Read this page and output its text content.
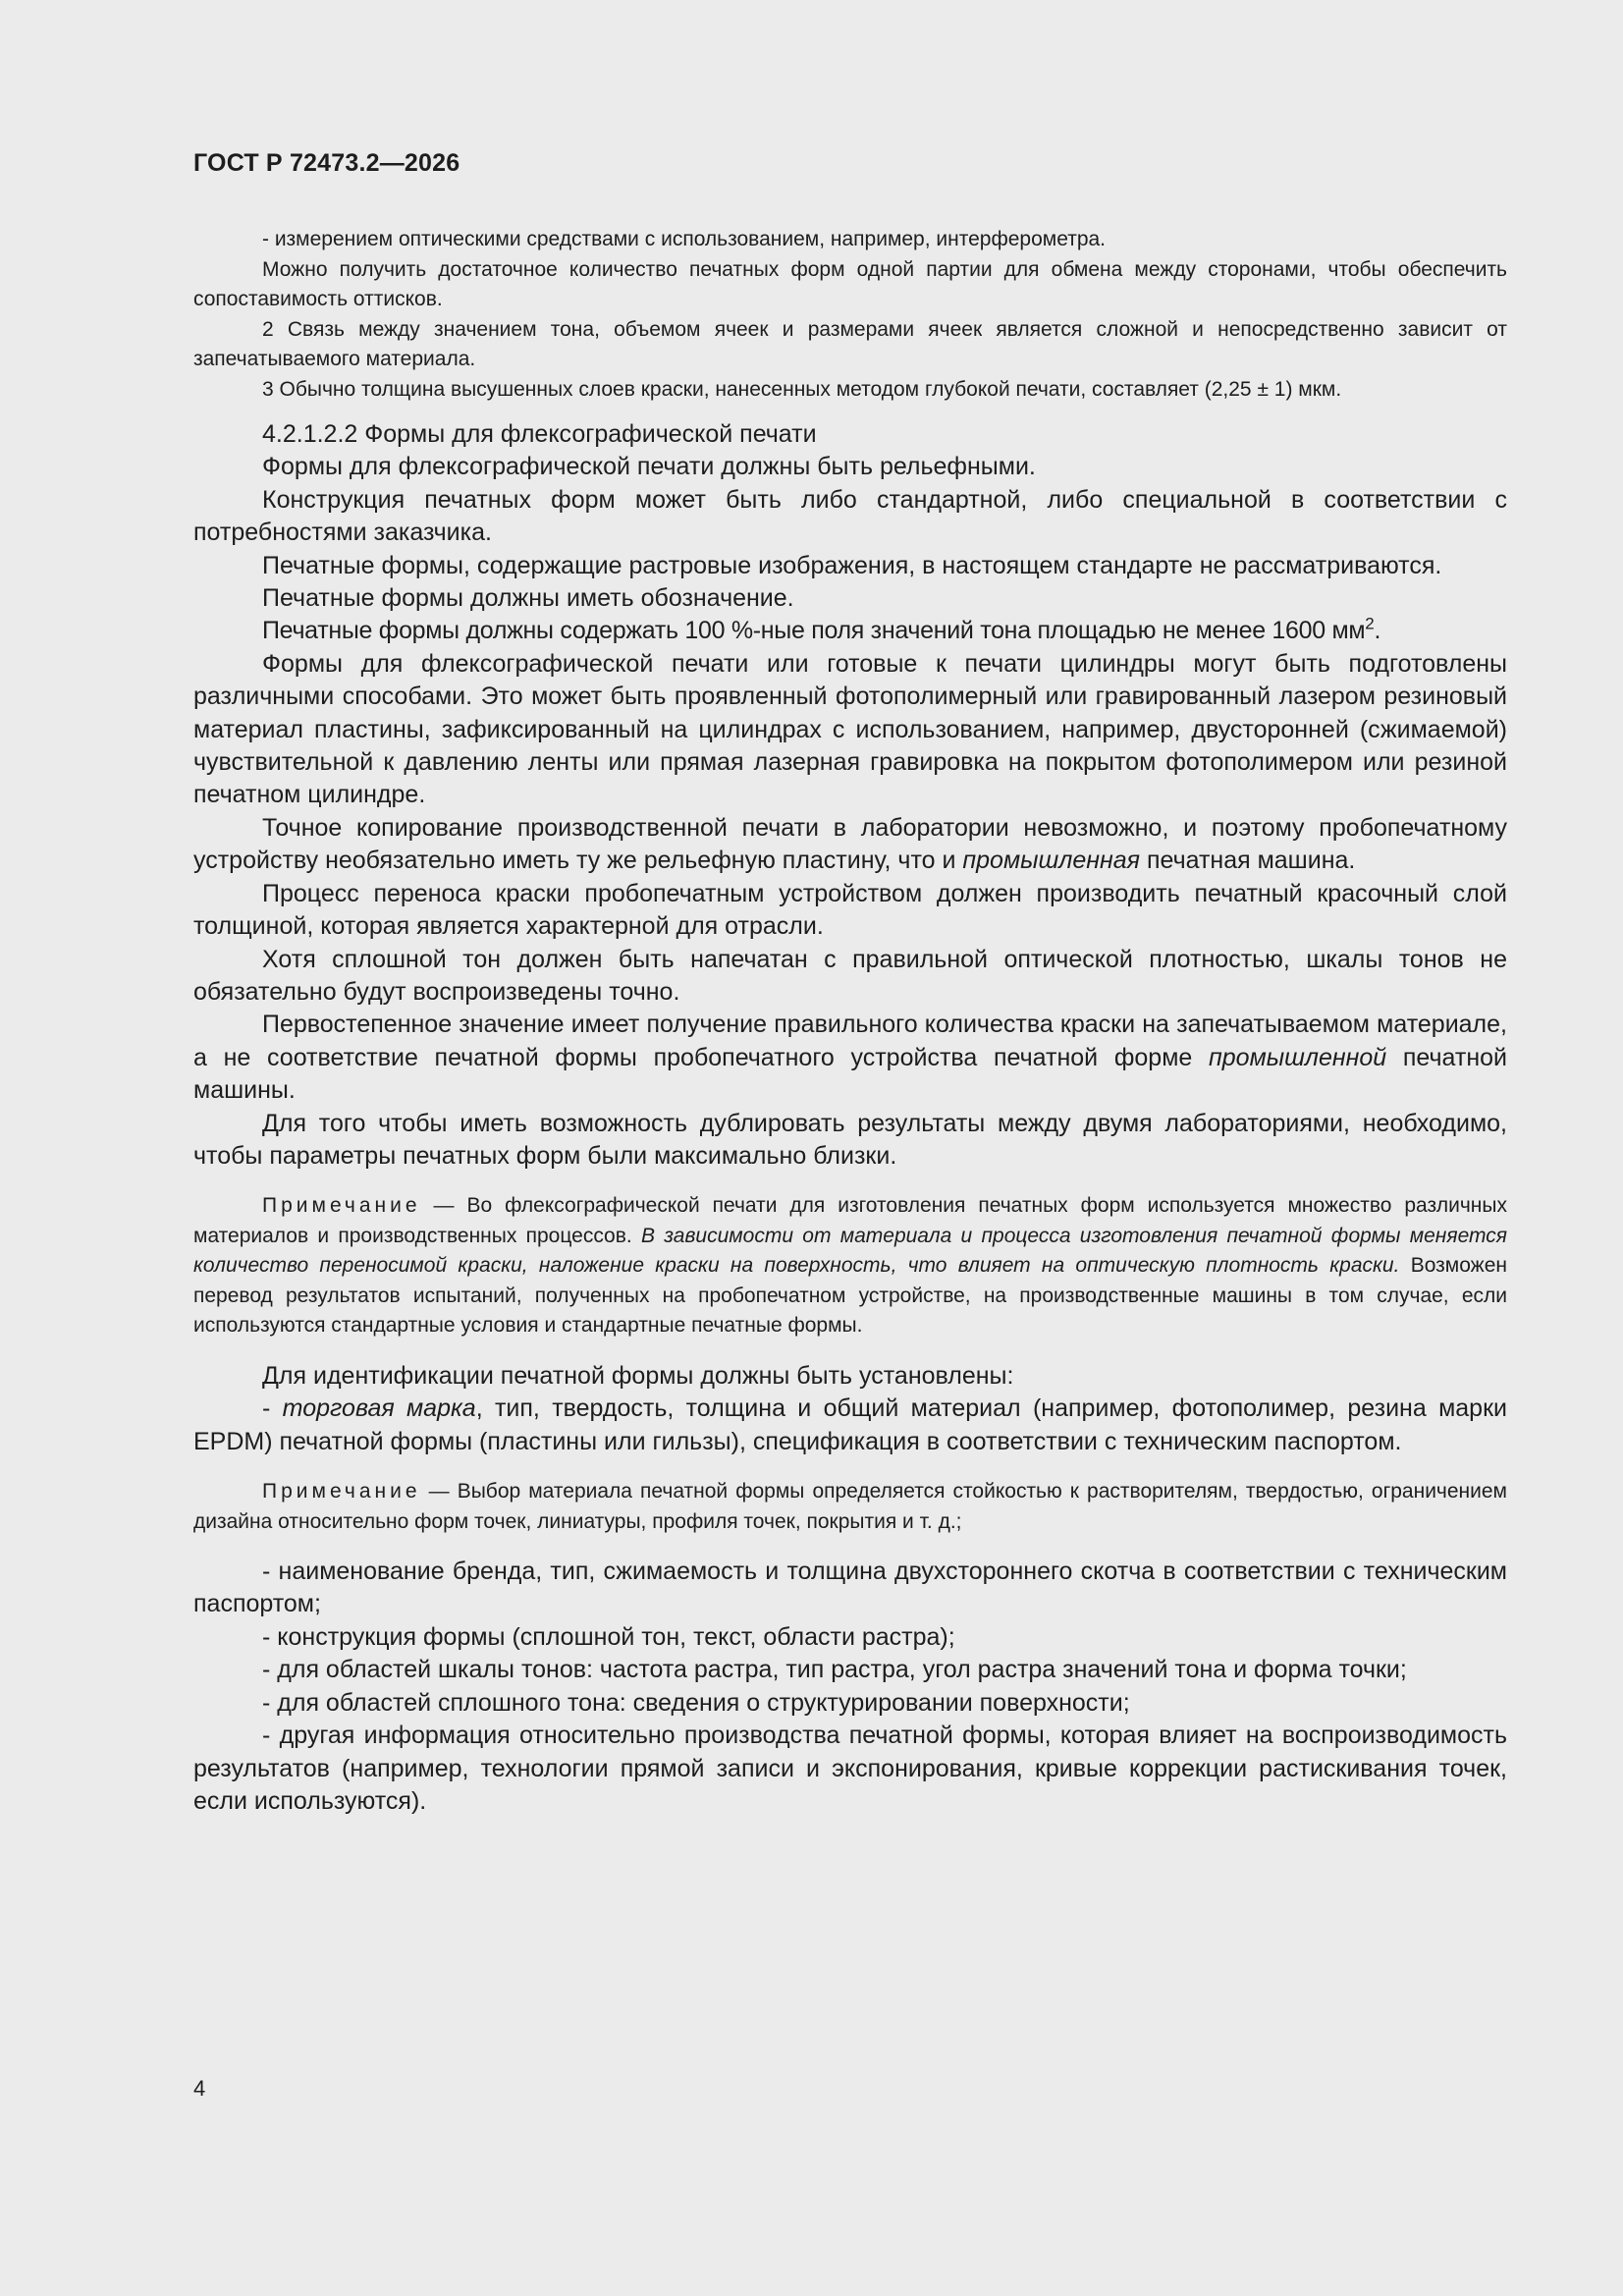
ГОСТ Р 72473.2—2026

- измерением оптическими средствами с использованием, например, интерферометра.

Можно получить достаточное количество печатных форм одной партии для обмена между сторонами, чтобы обеспечить сопоставимость оттисков.

2 Связь между значением тона, объемом ячеек и размерами ячеек является сложной и непосредственно зависит от запечатываемого материала.

3 Обычно толщина высушенных слоев краски, нанесенных методом глубокой печати, составляет (2,25 ± 1) мкм.

4.2.1.2.2 Формы для флексографической печати

Формы для флексографической печати должны быть рельефными.

Конструкция печатных форм может быть либо стандартной, либо специальной в соответствии с потребностями заказчика.

Печатные формы, содержащие растровые изображения, в настоящем стандарте не рассматриваются.

Печатные формы должны иметь обозначение.

Печатные формы должны содержать 100 %-ные поля значений тона площадью не менее 1600 $мм^2$.

Формы для флексографической печати или готовые к печати цилиндры могут быть подготовлены различными способами. Это может быть проявленный фотополимерный или гравированный лазером резиновый материал пластины, зафиксированный на цилиндрах с использованием, например, двусторонней (сжимаемой) чувствительной к давлению ленты или прямая лазерная гравировка на покрытом фотополимером или резиной печатном цилиндре.

Точное копирование производственной печати в лаборатории невозможно, и поэтому пробопечатному устройству необязательно иметь ту же рельефную пластину, что и промышленная печатная машина.

Процесс переноса краски пробопечатным устройством должен производить печатный красочный слой толщиной, которая является характерной для отрасли.

Хотя сплошной тон должен быть напечатан с правильной оптической плотностью, шкалы тонов не обязательно будут воспроизведены точно.

Первостепенное значение имеет получение правильного количества краски на запечатываемом материале, а не соответствие печатной формы пробопечатного устройства печатной форме промышленной печатной машины.

Для того чтобы иметь возможность дублировать результаты между двумя лабораториями, необходимо, чтобы параметры печатных форм были максимально близки.

Примечание — Во флексографической печати для изготовления печатных форм используется множество различных материалов и производственных процессов. В зависимости от материала и процесса изготовления печатной формы меняется количество переносимой краски, наложение краски на поверхность, что влияет на оптическую плотность краски. Возможен перевод результатов испытаний, полученных на пробопечатном устройстве, на производственные машины в том случае, если используются стандартные условия и стандартные печатные формы.

Для идентификации печатной формы должны быть установлены:

- торговая марка, тип, твердость, толщина и общий материал (например, фотополимер, резина марки EPDM) печатной формы (пластины или гильзы), спецификация в соответствии с техническим паспортом.

Примечание — Выбор материала печатной формы определяется стойкостью к растворителям, твердостью, ограничением дизайна относительно форм точек, линиатуры, профиля точек, покрытия и т. д.;

- наименование бренда, тип, сжимаемость и толщина двухстороннего скотча в соответствии с техническим паспортом;

- конструкция формы (сплошной тон, текст, области растра);

- для областей шкалы тонов: частота растра, тип растра, угол растра значений тона и форма точки;

- для областей сплошного тона: сведения о структурировании поверхности;

- другая информация относительно производства печатной формы, которая влияет на воспроизводимость результатов (например, технологии прямой записи и экспонирования, кривые коррекции растискивания точек, если используются).

4
